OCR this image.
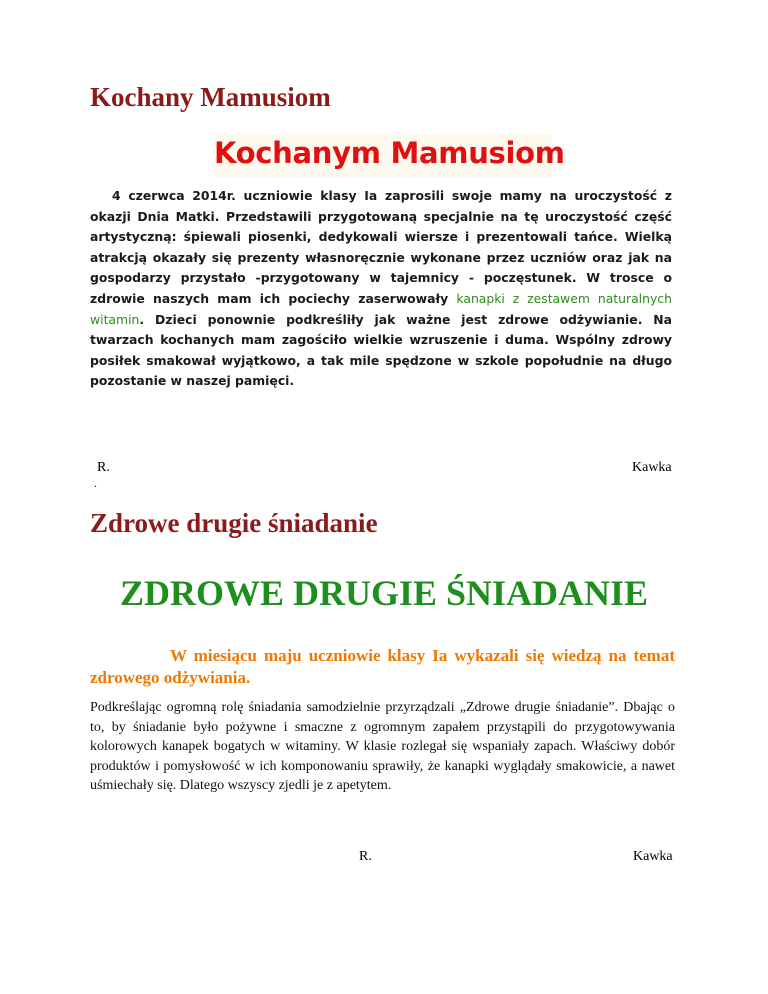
Kochany Mamusiom
Kochanym Mamusiom

4 czerwca 2014r. uczniowie klasy Ia zaprosili swoje mamy na uroczystość z okazji Dnia Matki. Przedstawili przygotowaną specjalnie na tę uroczystość część artystyczną: śpiewali piosenki, dedykowali wiersze i prezentowali tańce. Wielką atrakcją okazały się prezenty własnoręcznie wykonane przez uczniów oraz jak na gospodarzy przystało -przygotowany w tajemnicy - poczęstunek. W trosce o zdrowie naszych mam ich pociechy zaserwowały kanapki z zestawem naturalnych witamin. Dzieci ponownie podkreśliły jak ważne jest zdrowe odżywianie. Na twarzach kochanych mam zagościło wielkie wzruszenie i duma. Wspólny zdrowy posiłek smakował wyjątkowo, a tak mile spędzone w szkole popołudnie na długo pozostanie w naszej pamięci.

R.
.
Kawka
Zdrowe drugie śniadanie
ZDROWE DRUGIE ŚNIADANIE

W miesiącu maju uczniowie klasy Ia wykazali się wiedzą na temat zdrowego odżywiania.

Podkreślając ogromną rolę śniadania samodzielnie przyrządzali „Zdrowe drugie śniadanie”. Dbając o to, by śniadanie było pożywne i smaczne z ogromnym zapałem przystąpili do przygotowywania kolorowych kanapek bogatych w witaminy. W klasie rozlegał się wspaniały zapach. Właściwy dobór produktów i pomysłowość w ich komponowaniu sprawiły, że kanapki wyglądały smakowicie, a nawet uśmiechały się. Dlatego wszyscy zjedli je z apetytem.

R.	Kawka
